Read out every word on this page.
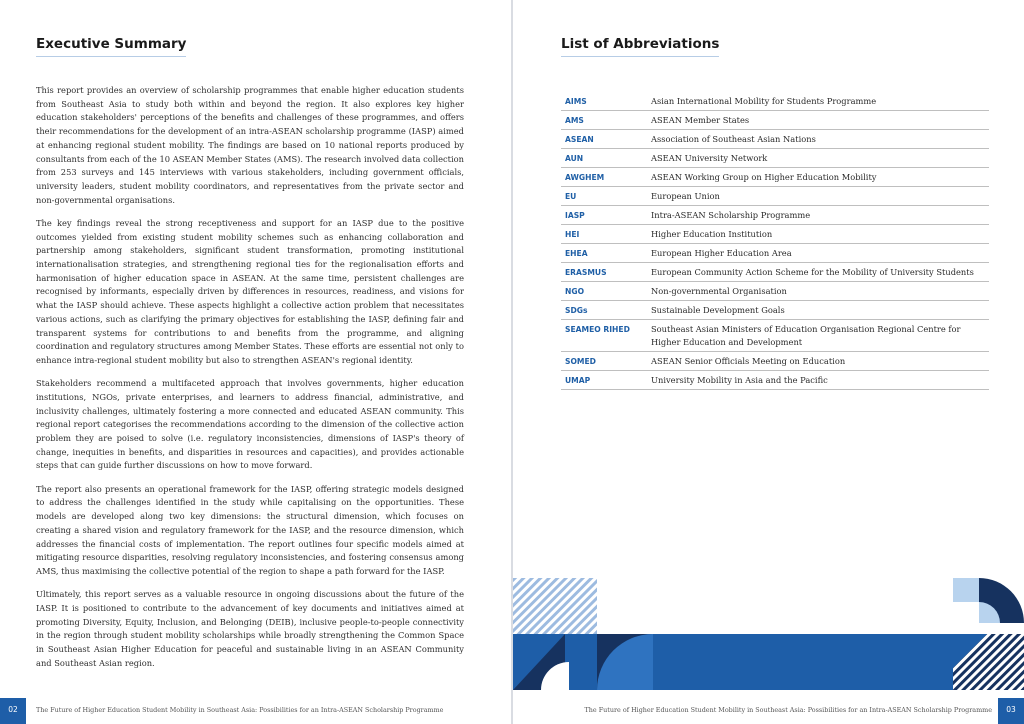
Executive Summary

This report provides an overview of scholarship programmes that enable higher education students from Southeast Asia to study both within and beyond the region. It also explores key higher education stakeholders' perceptions of the benefits and challenges of these programmes, and offers their recommendations for the development of an intra-ASEAN scholarship programme (IASP) aimed at enhancing regional student mobility. The findings are based on 10 national reports produced by consultants from each of the 10 ASEAN Member States (AMS). The research involved data collection from 253 surveys and 145 interviews with various stakeholders, including government officials, university leaders, student mobility coordinators, and representatives from the private sector and non-governmental organisations.

The key findings reveal the strong receptiveness and support for an IASP due to the positive outcomes yielded from existing student mobility schemes such as enhancing collaboration and partnership among stakeholders, significant student transformation, promoting institutional internationalisation strategies, and strengthening regional ties for the regionalisation efforts and harmonisation of higher education space in ASEAN. At the same time, persistent challenges are recognised by informants, especially driven by differences in resources, readiness, and visions for what the IASP should achieve. These aspects highlight a collective action problem that necessitates various actions, such as clarifying the primary objectives for establishing the IASP, defining fair and transparent systems for contributions to and benefits from the programme, and aligning coordination and regulatory structures among Member States. These efforts are essential not only to enhance intra-regional student mobility but also to strengthen ASEAN's regional identity.

Stakeholders recommend a multifaceted approach that involves governments, higher education institutions, NGOs, private enterprises, and learners to address financial, administrative, and inclusivity challenges, ultimately fostering a more connected and educated ASEAN community. This regional report categorises the recommendations according to the dimension of the collective action problem they are poised to solve (i.e. regulatory inconsistencies, dimensions of IASP's theory of change, inequities in benefits, and disparities in resources and capacities), and provides actionable steps that can guide further discussions on how to move forward.

The report also presents an operational framework for the IASP, offering strategic models designed to address the challenges identified in the study while capitalising on the opportunities. These models are developed along two key dimensions: the structural dimension, which focuses on creating a shared vision and regulatory framework for the IASP, and the resource dimension, which addresses the financial costs of implementation. The report outlines four specific models aimed at mitigating resource disparities, resolving regulatory inconsistencies, and fostering consensus among AMS, thus maximising the collective potential of the region to shape a path forward for the IASP.

Ultimately, this report serves as a valuable resource in ongoing discussions about the future of the IASP. It is positioned to contribute to the advancement of key documents and initiatives aimed at promoting Diversity, Equity, Inclusion, and Belonging (DEIB), inclusive people-to-people connectivity in the region through student mobility scholarships while broadly strengthening the Common Space in Southeast Asian Higher Education for peaceful and sustainable living in an ASEAN Community and Southeast Asian region.

02	The Future of Higher Education Student Mobility in Southeast Asia: Possibilities for an Intra-ASEAN Scholarship Programme
List of Abbreviations
AIMS	Asian International Mobility for Students Programme
AMS	ASEAN Member States
ASEAN	Association of Southeast Asian Nations
AUN	ASEAN University Network
AWGHEM	ASEAN Working Group on Higher Education Mobility
EU	European Union
IASP	Intra-ASEAN Scholarship Programme
HEI	Higher Education Institution
EHEA	European Higher Education Area
ERASMUS	European Community Action Scheme for the Mobility of University Students
NGO	Non-governmental Organisation
SDGs	Sustainable Development Goals
SEAMEO RIHED	Southeast Asian Ministers of Education Organisation Regional Centre for Higher Education and Development
SOMED	ASEAN Senior Officials Meeting on Education
UMAP	University Mobility in Asia and the Pacific
The Future of Higher Education Student Mobility in Southeast Asia: Possibilities for an Intra-ASEAN Scholarship Programme	03
